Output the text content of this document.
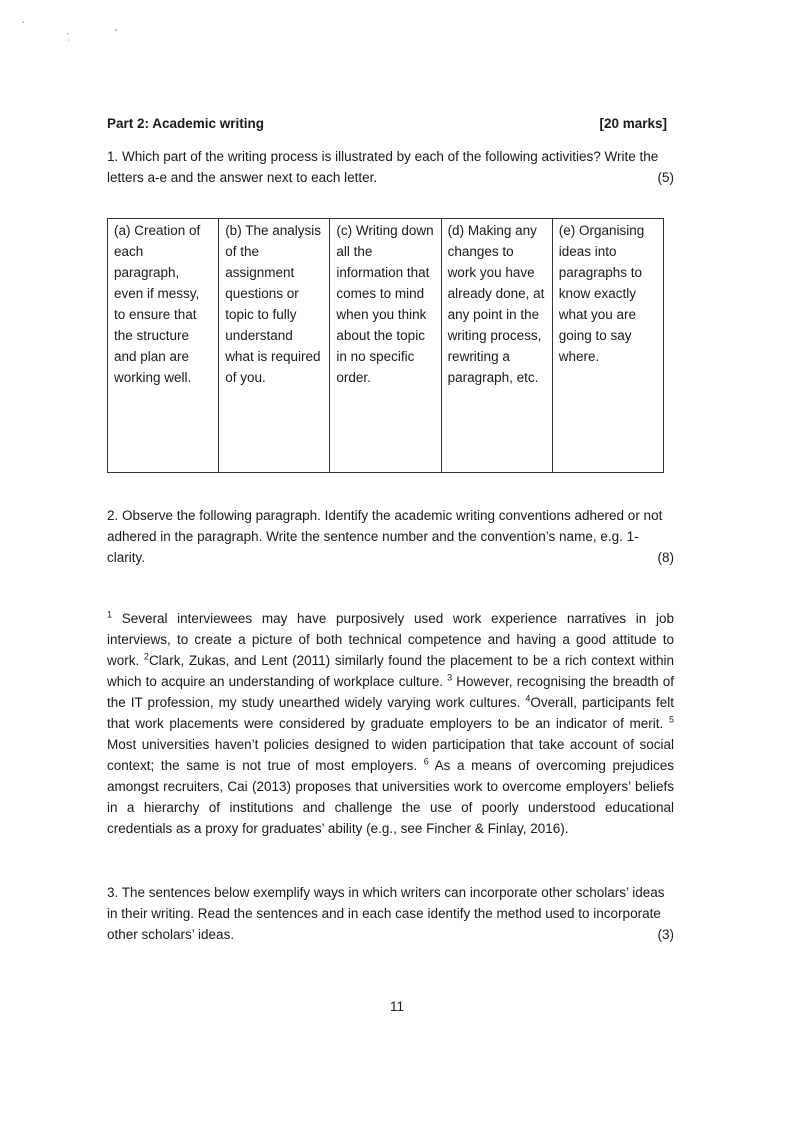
Part 2: Academic writing	[20 marks]
1. Which part of the writing process is illustrated by each of the following activities? Write the letters a-e and the answer next to each letter.	(5)
(a) Creation of each paragraph, even if messy, to ensure that the structure and plan are working well.	(b) The analysis of the assignment questions or topic to fully understand what is required of you.	(c) Writing down all the information that comes to mind when you think about the topic in no specific order.	(d) Making any changes to work you have already done, at any point in the writing process, rewriting a paragraph, etc.	(e) Organising ideas into paragraphs to know exactly what you are going to say where.
2. Observe the following paragraph. Identify the academic writing conventions adhered or not adhered in the paragraph. Write the sentence number and the convention’s name, e.g. 1- clarity.	(8)
$^1$ Several interviewees may have purposively used work experience narratives in job interviews, to create a picture of both technical competence and having a good attitude to work. $^2$Clark, Zukas, and Lent (2011) similarly found the placement to be a rich context within which to acquire an understanding of workplace culture. $^3$ However, recognising the breadth of the IT profession, my study unearthed widely varying work cultures. $^4$Overall, participants felt that work placements were considered by graduate employers to be an indicator of merit. $^5$ Most universities haven’t policies designed to widen participation that take account of social context; the same is not true of most employers. $^6$ As a means of overcoming prejudices amongst recruiters, Cai (2013) proposes that universities work to overcome employers’ beliefs in a hierarchy of institutions and challenge the use of poorly understood educational credentials as a proxy for graduates’ ability (e.g., see Fincher & Finlay, 2016).
3. The sentences below exemplify ways in which writers can incorporate other scholars’ ideas in their writing. Read the sentences and in each case identify the method used to incorporate other scholars’ ideas.	(3)
11
